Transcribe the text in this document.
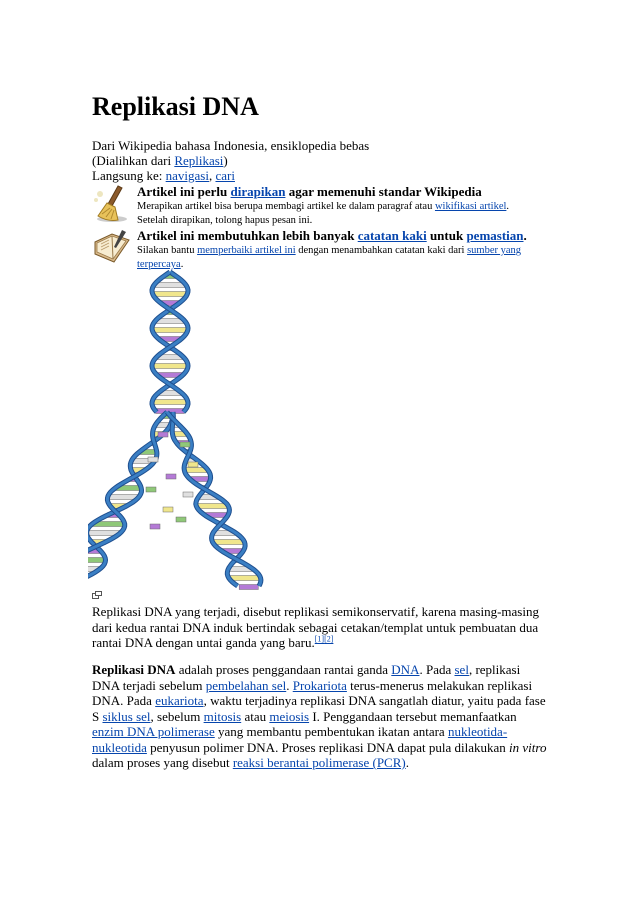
Replikasi DNA
Dari Wikipedia bahasa Indonesia, ensiklopedia bebas
(Dialihkan dari Replikasi)
Langsung ke: navigasi, cari
Artikel ini perlu dirapikan agar memenuhi standar Wikipedia
Merapikan artikel bisa berupa membagi artikel ke dalam paragraf atau wikifikasi artikel. Setelah dirapikan, tolong hapus pesan ini.
Artikel ini membutuhkan lebih banyak catatan kaki untuk pemastian.
Silakan bantu memperbaiki artikel ini dengan menambahkan catatan kaki dari sumber yang terpercaya.
Replikasi DNA yang terjadi, disebut replikasi semikonservatif, karena masing-masing dari kedua rantai DNA induk bertindak sebagai cetakan/templat untuk pembuatan dua rantai DNA dengan untai ganda yang baru.[1][2]
Replikasi DNA adalah proses penggandaan rantai ganda DNA. Pada sel, replikasi DNA terjadi sebelum pembelahan sel. Prokariota terus-menerus melakukan replikasi DNA. Pada eukariota, waktu terjadinya replikasi DNA sangatlah diatur, yaitu pada fase S siklus sel, sebelum mitosis atau meiosis I. Penggandaan tersebut memanfaatkan enzim DNA polimerase yang membantu pembentukan ikatan antara nukleotida-nukleotida penyusun polimer DNA. Proses replikasi DNA dapat pula dilakukan in vitro dalam proses yang disebut reaksi berantai polimerase (PCR).
